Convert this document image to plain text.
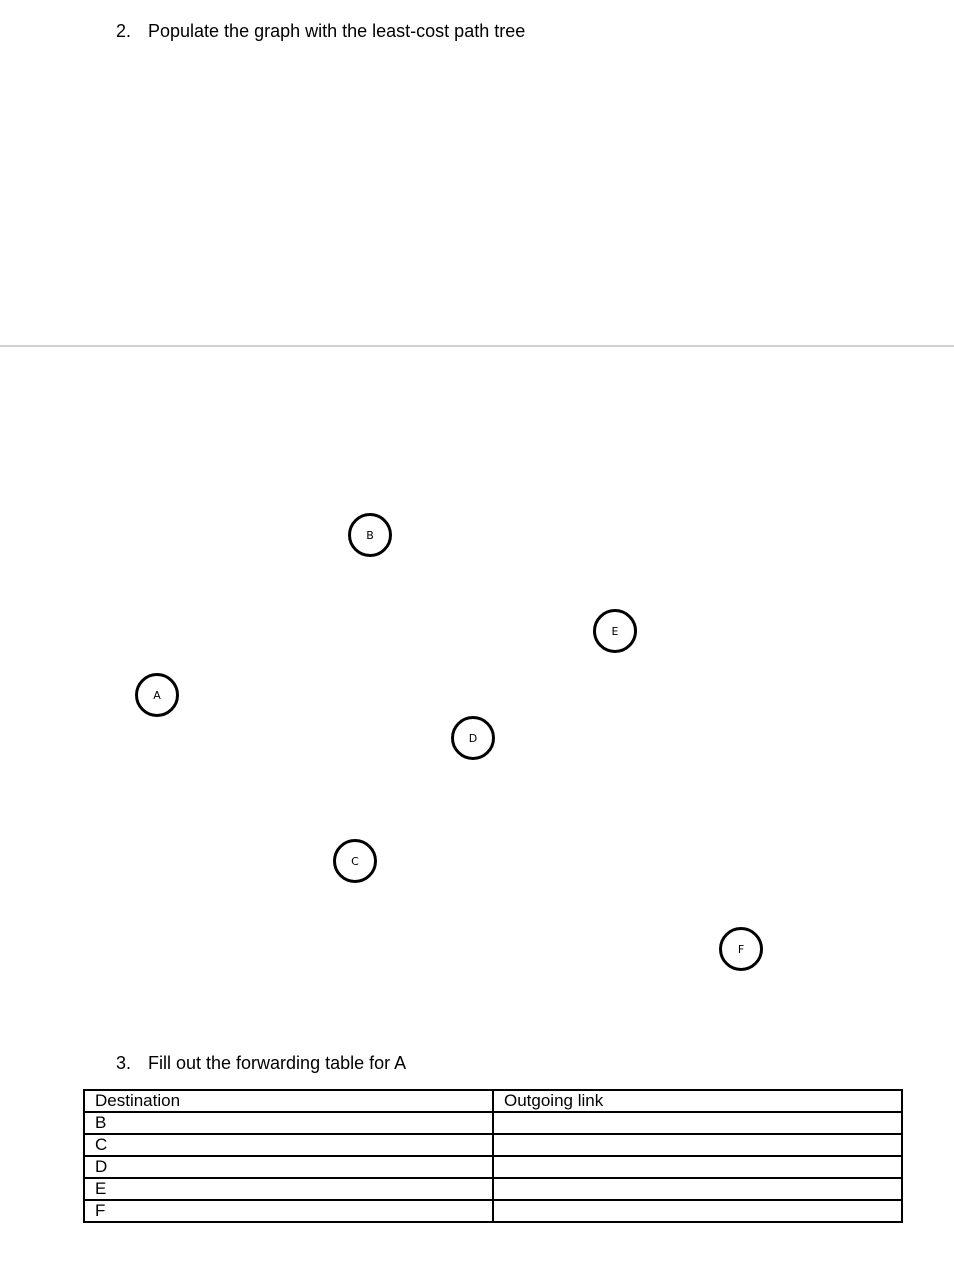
2. Populate the graph with the least-cost path tree
B
E
A
D
C
F
3. Fill out the forwarding table for A
Destination	Outgoing link
B	
C	
D	
E	
F	
